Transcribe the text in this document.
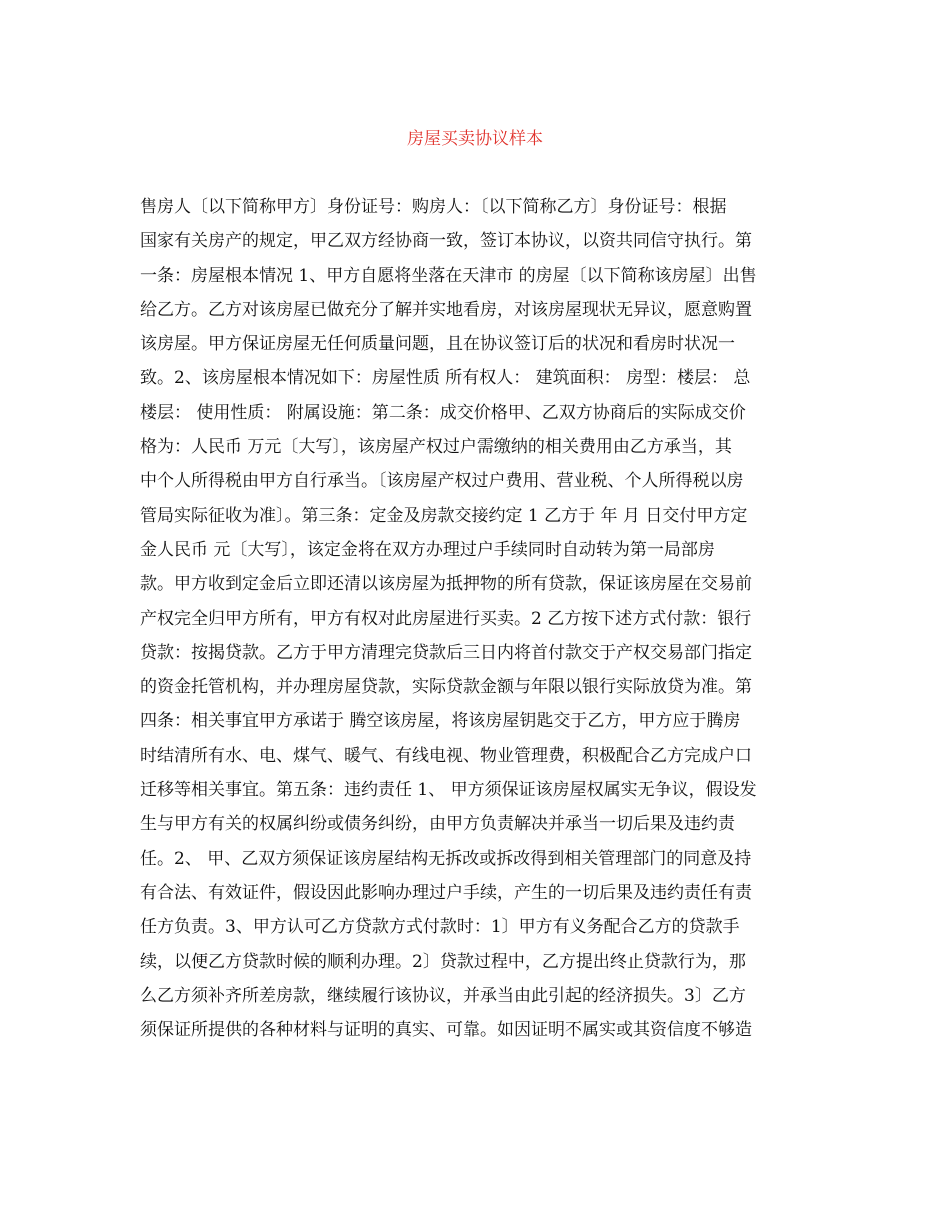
房屋买卖协议样本
售房人〔以下简称甲方〕身份证号：购房人：〔以下简称乙方〕身份证号：根据
国家有关房产的规定，甲乙双方经协商一致，签订本协议，以资共同信守执行。第
一条：房屋根本情况 1、甲方自愿将坐落在天津市 的房屋〔以下简称该房屋〕出售
给乙方。乙方对该房屋已做充分了解并实地看房，对该房屋现状无异议，愿意购置
该房屋。甲方保证房屋无任何质量问题，且在协议签订后的状况和看房时状况一
致。2、该房屋根本情况如下：房屋性质 所有权人： 建筑面积： 房型：楼层： 总
楼层： 使用性质： 附属设施：第二条：成交价格甲、乙双方协商后的实际成交价
格为：人民币 万元〔大写〕，该房屋产权过户需缴纳的相关费用由乙方承当，其
中个人所得税由甲方自行承当。〔该房屋产权过户费用、营业税、个人所得税以房
管局实际征收为准〕。第三条：定金及房款交接约定 1 乙方于 年 月 日交付甲方定
金人民币 元〔大写〕，该定金将在双方办理过户手续同时自动转为第一局部房
款。甲方收到定金后立即还清以该房屋为抵押物的所有贷款，保证该房屋在交易前
产权完全归甲方所有，甲方有权对此房屋进行买卖。2 乙方按下述方式付款：银行
贷款：按揭贷款。乙方于甲方清理完贷款后三日内将首付款交于产权交易部门指定
的资金托管机构，并办理房屋贷款，实际贷款金额与年限以银行实际放贷为准。第
四条：相关事宜甲方承诺于 腾空该房屋，将该房屋钥匙交于乙方，甲方应于腾房
时结清所有水、电、煤气、暖气、有线电视、物业管理费，积极配合乙方完成户口
迁移等相关事宜。第五条：违约责任 1、 甲方须保证该房屋权属实无争议，假设发
生与甲方有关的权属纠纷或债务纠纷，由甲方负责解决并承当一切后果及违约责
任。2、 甲、乙双方须保证该房屋结构无拆改或拆改得到相关管理部门的同意及持
有合法、有效证件，假设因此影响办理过户手续，产生的一切后果及违约责任有责
任方负责。3、甲方认可乙方贷款方式付款时：1〕甲方有义务配合乙方的贷款手
续，以便乙方贷款时候的顺利办理。2〕贷款过程中，乙方提出终止贷款行为，那
么乙方须补齐所差房款，继续履行该协议，并承当由此引起的经济损失。3〕乙方
须保证所提供的各种材料与证明的真实、可靠。如因证明不属实或其资信度不够造
